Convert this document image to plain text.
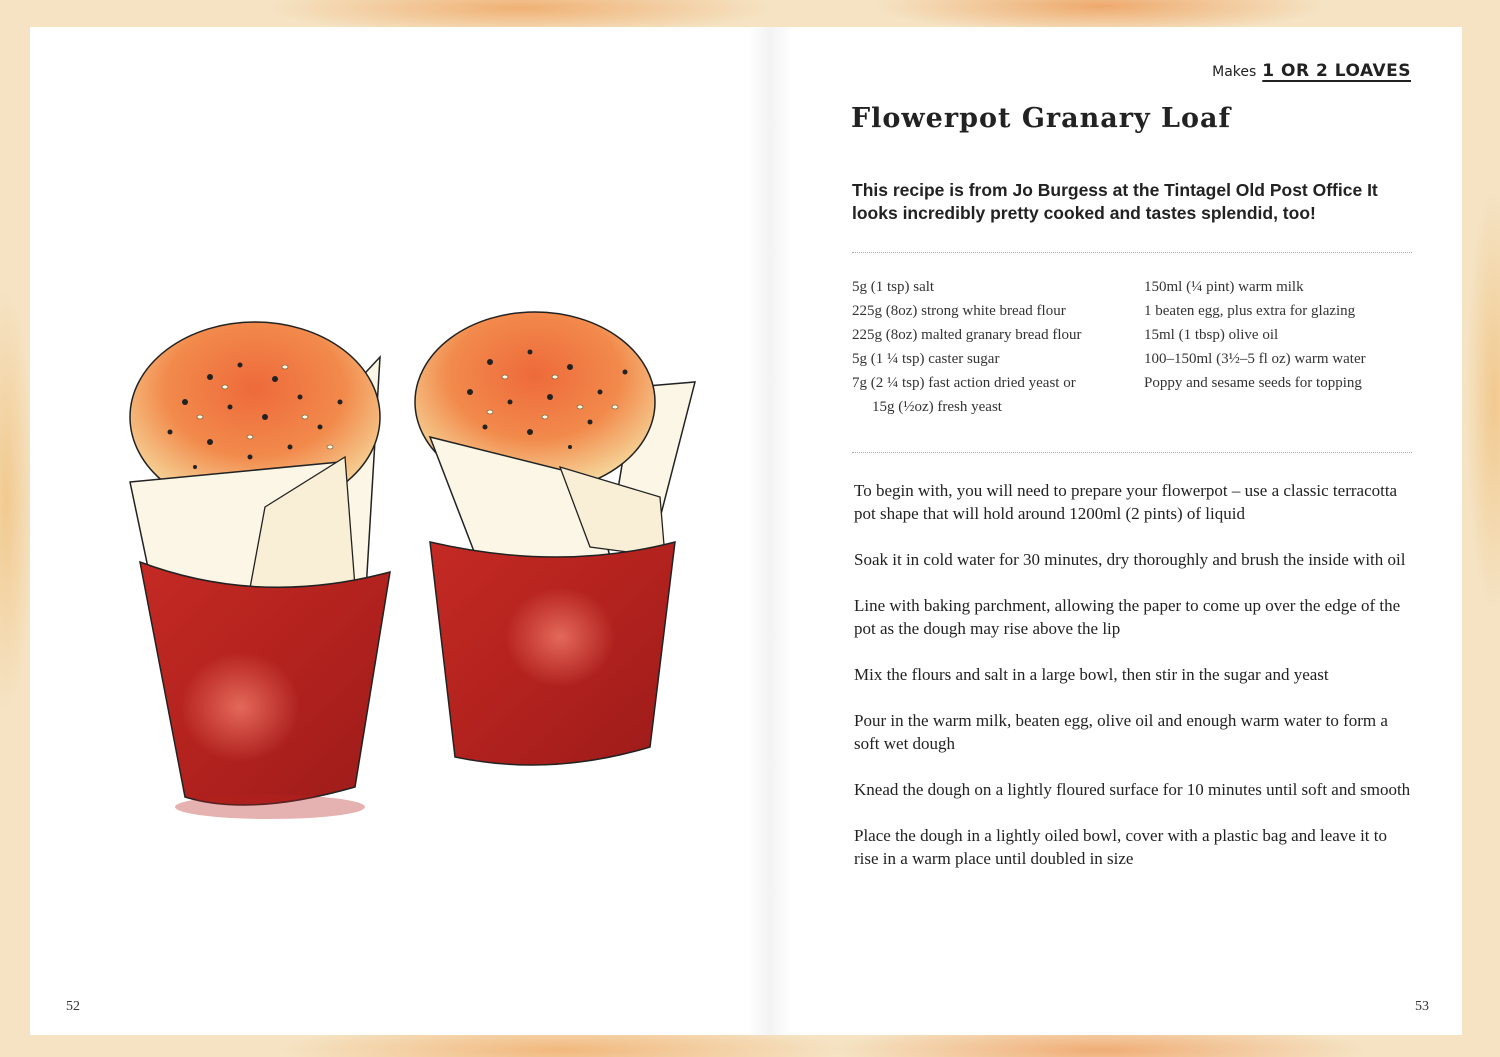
52
Makes 1 OR 2 LOAVES
Flowerpot Granary Loaf

This recipe is from Jo Burgess at the Tintagel Old Post Office It looks incredibly pretty cooked and tastes splendid, too!

5g (1 tsp) salt
225g (8oz) strong white bread flour
225g (8oz) malted granary bread flour
5g (1 ¼ tsp) caster sugar
7g (2 ¼ tsp) fast action dried yeast or
15g (½oz) fresh yeast
150ml (¼ pint) warm milk
1 beaten egg, plus extra for glazing
15ml (1 tbsp) olive oil
100–150ml (3½–5 fl oz) warm water
Poppy and sesame seeds for topping
To begin with, you will need to prepare your flowerpot – use a classic terracotta pot shape that will hold around 1200ml (2 pints) of liquid
Soak it in cold water for 30 minutes, dry thoroughly and brush the inside with oil
Line with baking parchment, allowing the paper to come up over the edge of the pot as the dough may rise above the lip
Mix the flours and salt in a large bowl, then stir in the sugar and yeast
Pour in the warm milk, beaten egg, olive oil and enough warm water to form a soft wet dough
Knead the dough on a lightly floured surface for 10 minutes until soft and smooth
Place the dough in a lightly oiled bowl, cover with a plastic bag and leave it to rise in a warm place until doubled in size
53
